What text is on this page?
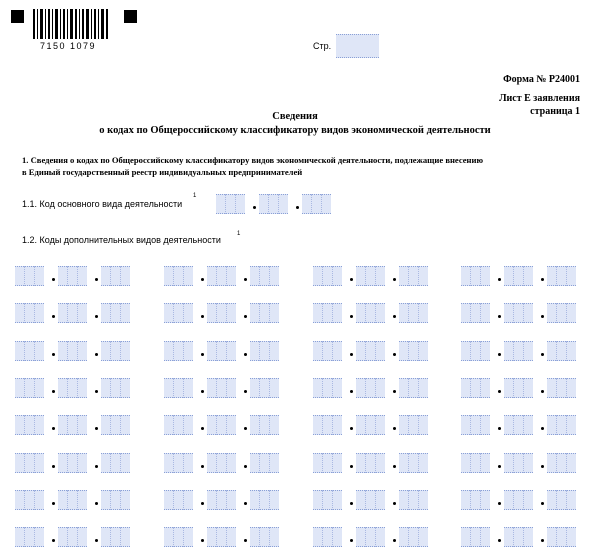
7150 1079	Стр.
Форма № Р24001
Лист Е заявления
страница 1
Сведения
о кодах по Общероссийскому классификатору видов экономической деятельности
1. Сведения о кодах по Общероссийскому классификатору видов экономической деятельности, подлежащие внесению
в Единый государственный реестр индивидуальных предпринимателей
1.1. Код основного вида деятельности
1
1.2. Коды дополнительных видов деятельности
1
